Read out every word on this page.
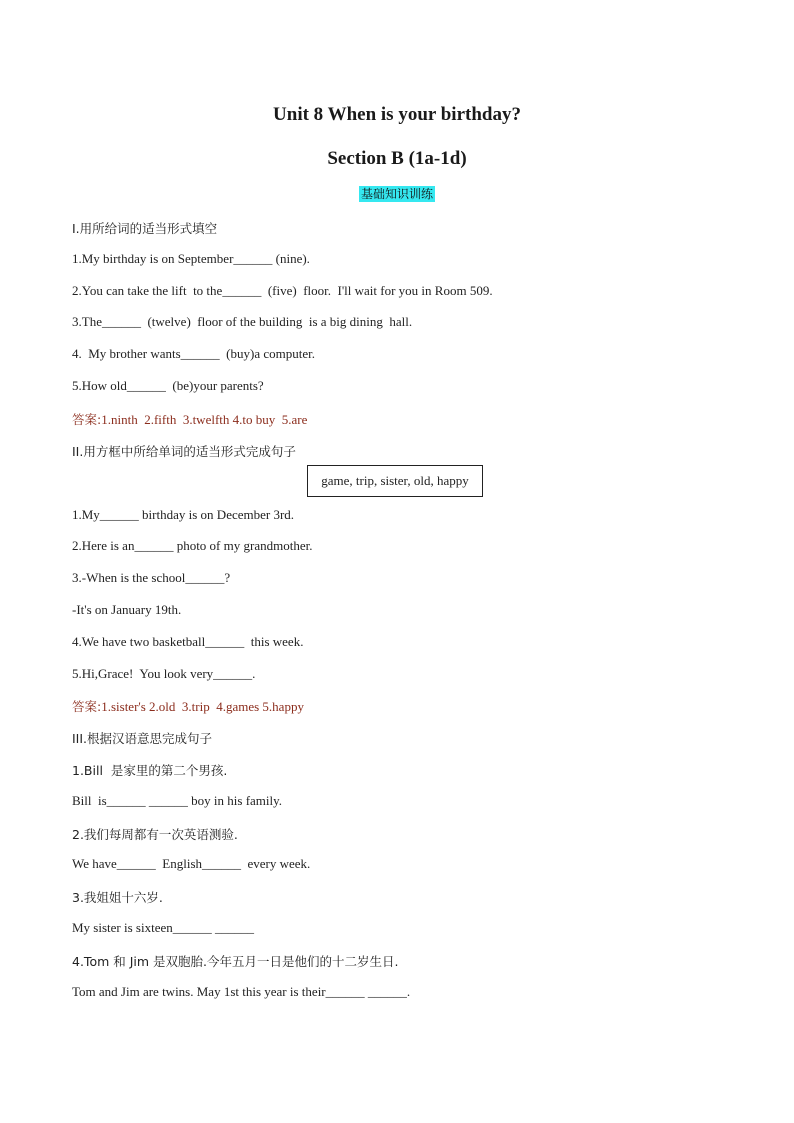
Unit 8 When is your birthday?
Section B (1a-1d)
基础知识训练
I.用所给词的适当形式填空
1.My birthday is on September______ (nine).
2.You can take the lift  to the______  (five)  floor.  I'll wait for you in Room 509.
3.The______  (twelve)  floor of the building  is a big dining  hall.
4.  My brother wants______  (buy)a computer.
5.How old______  (be)your parents?
答案:1.ninth  2.fifth  3.twelfth 4.to buy  5.are
II.用方框中所给单词的适当形式完成句子
game, trip, sister, old, happy
1.My______ birthday is on December 3rd.
2.Here is an______ photo of my grandmother.
3.-When is the school______?
-It's on January 19th.
4.We have two basketball______  this week.
5.Hi,Grace!  You look very______.
答案:1.sister's 2.old  3.trip  4.games 5.happy
III.根据汉语意思完成句子
1.Bill  是家里的第二个男孩.
Bill  is______ ______ boy in his family.
2.我们每周都有一次英语测验.
We have______  English______  every week.
3.我姐姐十六岁.
My sister is sixteen______ ______
4.Tom 和 Jim 是双胞胎.今年五月一日是他们的十二岁生日.
Tom and Jim are twins. May 1st this year is their______ ______.
